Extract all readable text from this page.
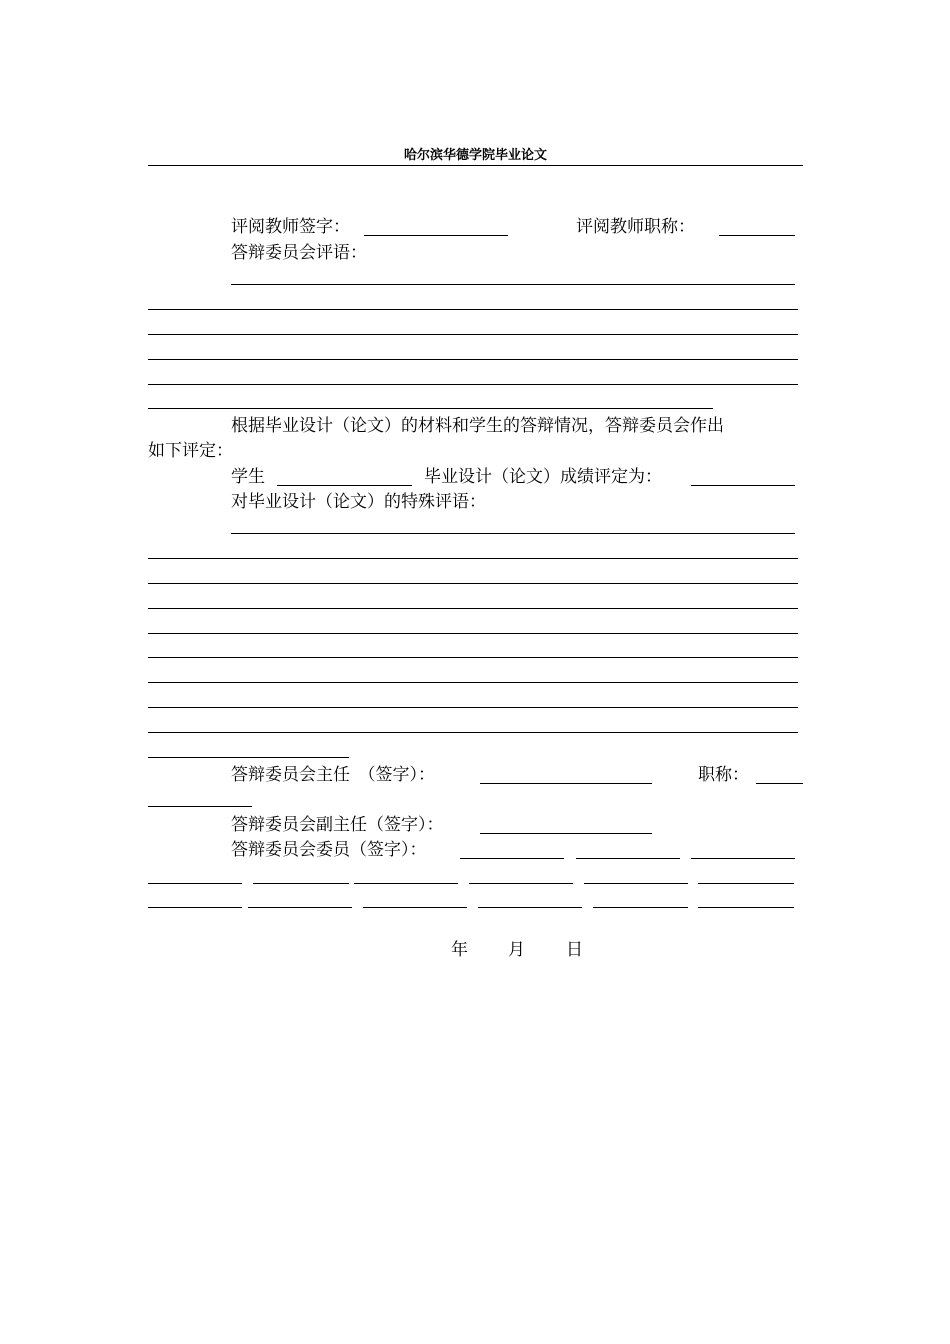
哈尔滨华德学院毕业论文
评阅教师签字：	评阅教师职称：
答辩委员会评语：
根据毕业设计（论文）的材料和学生的答辩情况，答辩委员会作出
如下评定：
学生	毕业设计（论文）成绩评定为：
对毕业设计（论文）的特殊评语：
答辩委员会主任　（签字）：	职称：
答辩委员会副主任（签字）：
答辩委员会委员（签字）：
年 月 日
